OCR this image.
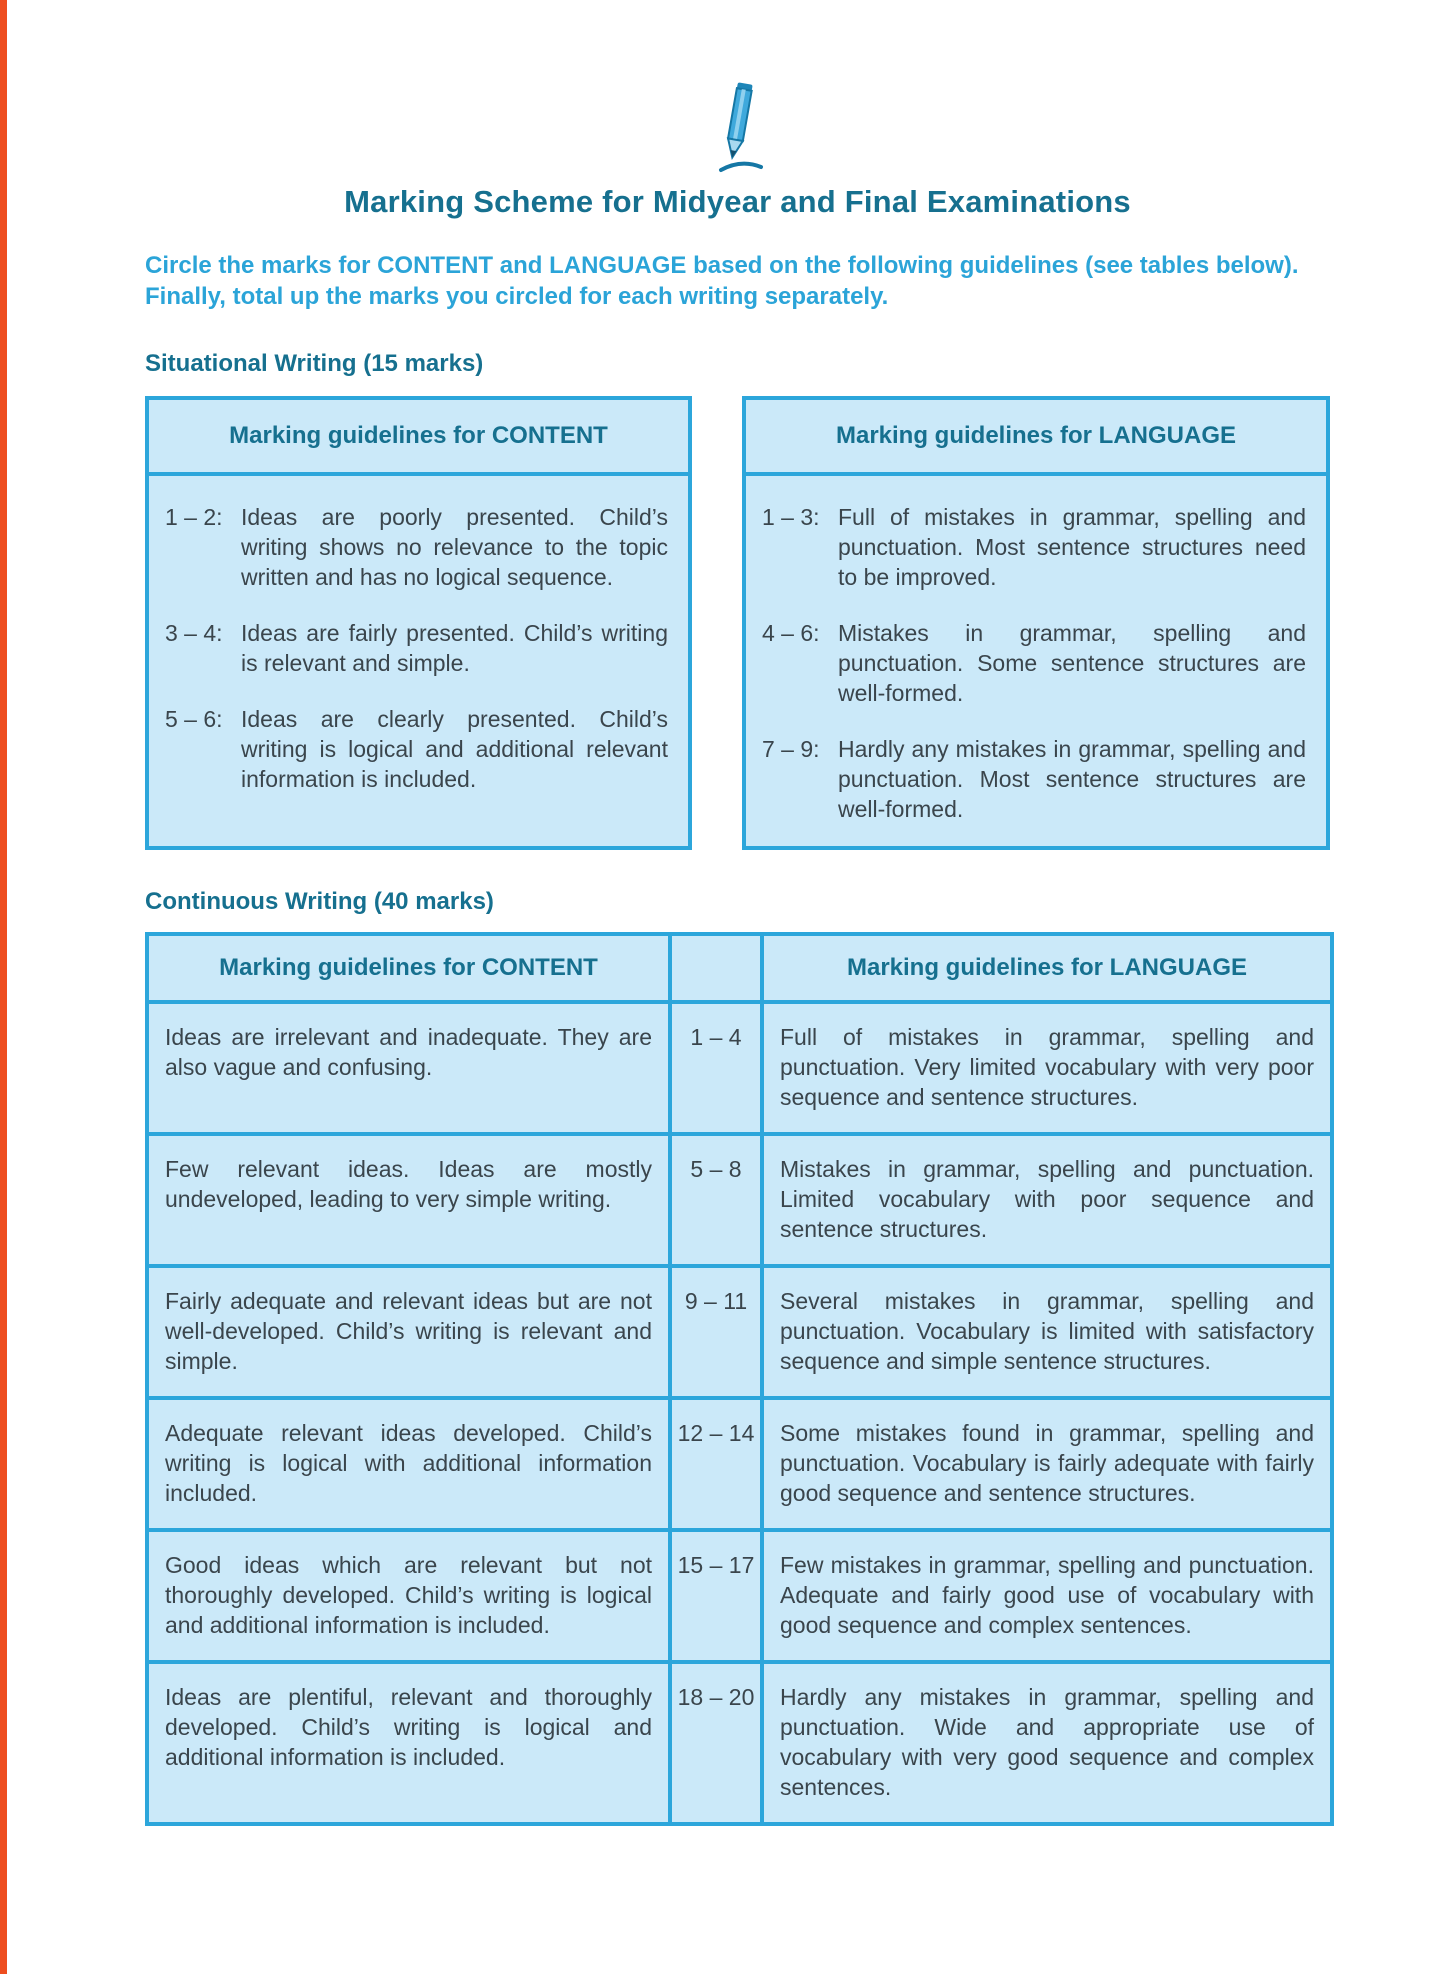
Marking Scheme for Midyear and Final Examinations
Circle the marks for CONTENT and LANGUAGE based on the following guidelines (see tables below).
Finally, total up the marks you circled for each writing separately.
Situational Writing (15 marks)
Marking guidelines for CONTENT
1 – 2: Ideas are poorly presented. Child’s writing shows no relevance to the topic written and has no logical sequence.
3 – 4: Ideas are fairly presented. Child’s writing is relevant and simple.
5 – 6: Ideas are clearly presented. Child’s writing is logical and additional relevant information is included.
Marking guidelines for LANGUAGE
1 – 3: Full of mistakes in grammar, spelling and punctuation. Most sentence structures need to be improved.
4 – 6: Mistakes in grammar, spelling and punctuation. Some sentence structures are well-formed.
7 – 9: Hardly any mistakes in grammar, spelling and punctuation. Most sentence structures are well-formed.
Continuous Writing (40 marks)
Marking guidelines for CONTENT		Marking guidelines for LANGUAGE
Ideas are irrelevant and inadequate. They are also vague and confusing.	1 – 4	Full of mistakes in grammar, spelling and punctuation. Very limited vocabulary with very poor sequence and sentence structures.
Few relevant ideas. Ideas are mostly undeveloped, leading to very simple writing.	5 – 8	Mistakes in grammar, spelling and punctuation. Limited vocabulary with poor sequence and sentence structures.
Fairly adequate and relevant ideas but are not well-developed. Child’s writing is relevant and simple.	9 – 11	Several mistakes in grammar, spelling and punctuation. Vocabulary is limited with satisfactory sequence and simple sentence structures.
Adequate relevant ideas developed. Child’s writing is logical with additional information included.	12 – 14	Some mistakes found in grammar, spelling and punctuation. Vocabulary is fairly adequate with fairly good sequence and sentence structures.
Good ideas which are relevant but not thoroughly developed. Child’s writing is logical and additional information is included.	15 – 17	Few mistakes in grammar, spelling and punctuation. Adequate and fairly good use of vocabulary with good sequence and complex sentences.
Ideas are plentiful, relevant and thoroughly developed. Child’s writing is logical and additional information is included.	18 – 20	Hardly any mistakes in grammar, spelling and punctuation. Wide and appropriate use of vocabulary with very good sequence and complex sentences.
